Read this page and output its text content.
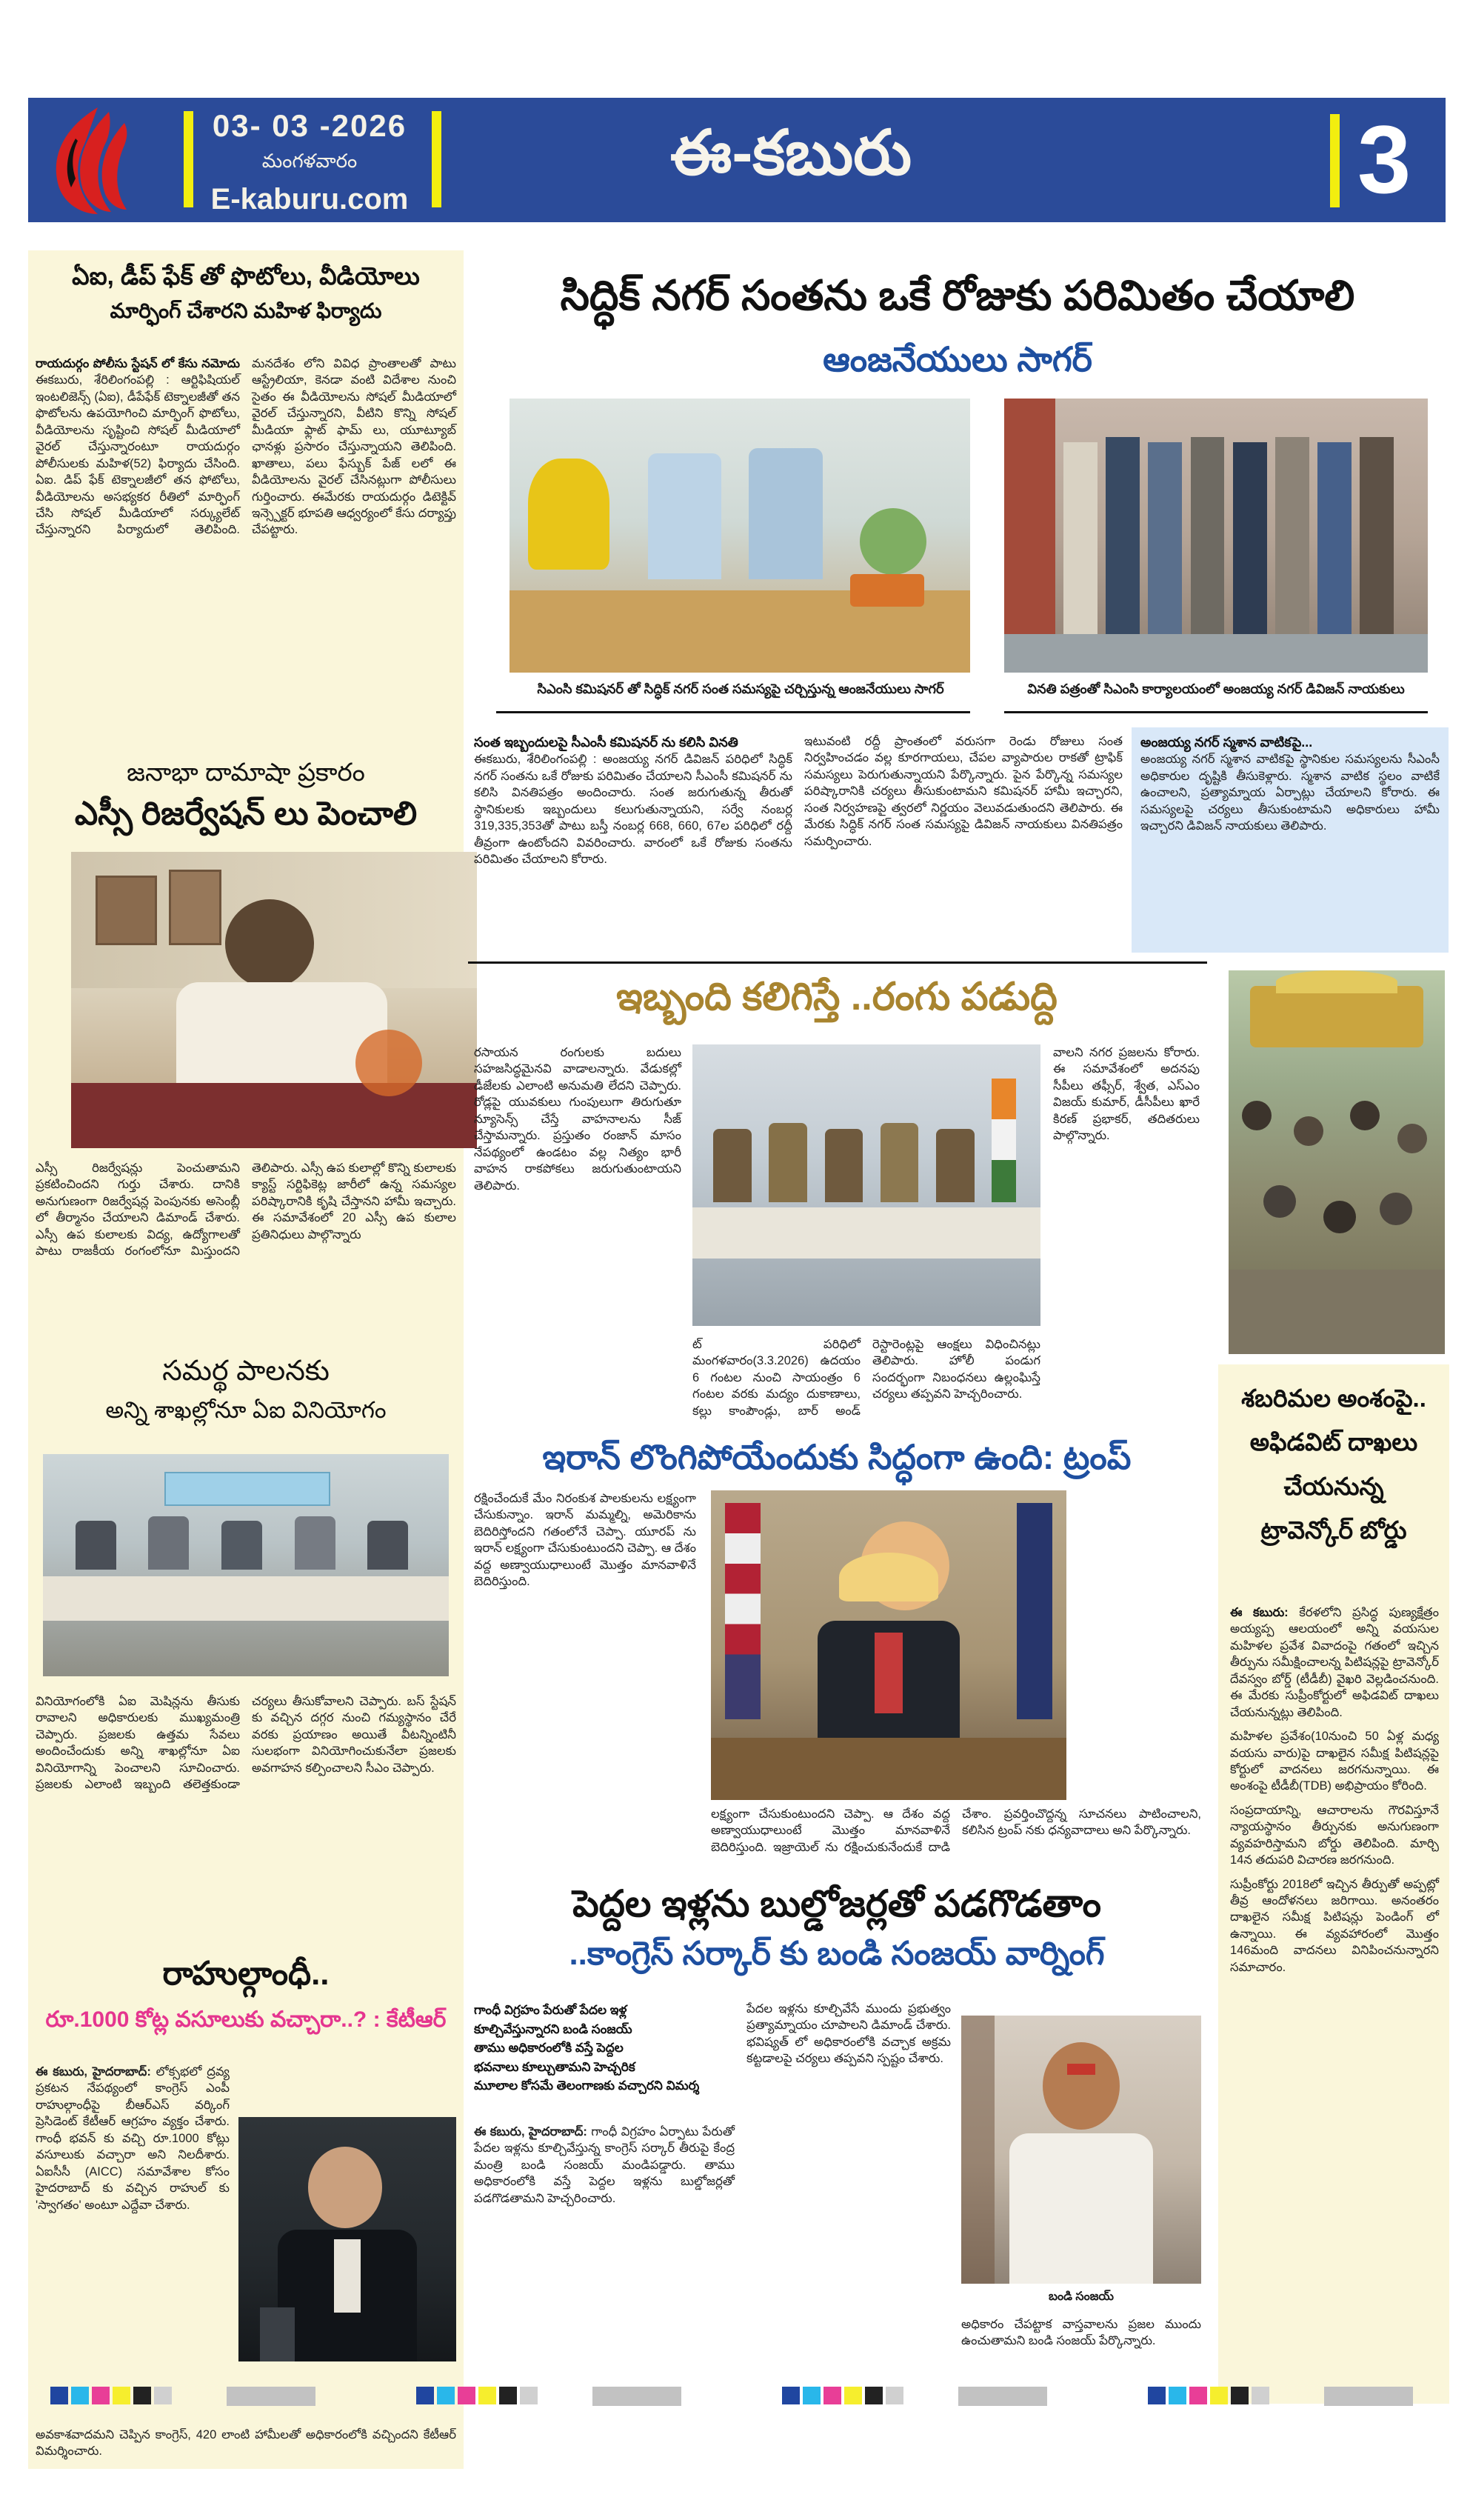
03- 03 -2026
మంగళవారం
E-kaburu.com
ఈ-కబురు	3
ఏఐ, డీప్ ఫేక్ తో ఫొటోలు, వీడియోలు
మార్ఫింగ్ చేశారని మహిళ ఫిర్యాదు
రాయదుర్గం పోలీసు స్టేషన్ లో కేసు నమోదు ఈకబురు, శేరిలింగంపల్లి : ఆర్టిఫిషియల్ ఇంటలిజెన్స్ (ఏఐ), డీపేఫేక్ టెక్నాలజీతో తన ఫొటోలను ఉపయోగించి మార్ఫింగ్ ఫొటోలు, వీడియోలను సృష్టించి సోషల్ మీడియాలో వైరల్ చేస్తున్నారంటూ రాయదుర్గం పోలీసులకు మహిళ(52) ఫిర్యాదు చేసింది. ఏఐ. డిప్ ఫేక్ టెక్నాలజీలో తన ఫోటోలు, వీడియోలను అసభ్యకర రీతిలో మార్ఫింగ్ చేసి సోషల్ మీడియాలో సర్క్యులేట్ చేస్తున్నారని పిర్యాదులో తెలిపింది. మనదేశం లోని వివిధ ప్రాంతాలతో పాటు ఆస్ట్రేలియా, కెనడా వంటి విదేశాల నుంచి సైతం ఈ వీడియోలను సోషల్ మీడియాలో వైరల్ చేస్తున్నారని, వీటిని కొన్ని సోషల్ మీడియా ఫ్లాట్ ఫామ్ లు, యూట్యూబ్ ఛానళ్లు ప్రసారం చేస్తున్నాయని తెలిపింది. ఖాతాలు, పలు ఫేస్బుక్ పేజ్ లలో ఈ వీడియోలను వైరల్ చేసినట్లుగా పోలీసులు గుర్తించారు. ఈమేరకు రాయదుర్గం డిటెక్టివ్ ఇన్స్పెక్టర్ భూపతి ఆధ్వర్యంలో కేసు దర్యాప్తు చేపట్టారు.
జనాభా దామాషా ప్రకారం
ఎస్సీ రిజర్వేషన్ లు పెంచాలి
ఎస్సీ రిజర్వేషన్లు పెంచుతామని ప్రకటించిందని గుర్తు చేశారు. దానికి అనుగుణంగా రిజర్వేషన్ల పెంపునకు అసెంబ్లీ లో తీర్మానం చేయాలని డిమాండ్ చేశారు. ఎస్సీ ఉప కులాలకు విద్య, ఉద్యోగాలతో పాటు రాజకీయ రంగంలోనూ మిస్తుందని తెలిపారు. ఎస్సీ ఉప కులాల్లో కొన్ని కులాలకు క్యాస్ట్ సర్టిఫికెట్ల జారీలో ఉన్న సమస్యల పరిష్కారానికి కృషి చేస్తానని హామీ ఇచ్చారు. ఈ సమావేశంలో 20 ఎస్సీ ఉప కులాల ప్రతినిధులు పాల్గొన్నారు
సమర్థ పాలనకు
అన్ని శాఖల్లోనూ ఏఐ వినియోగం
వినియోగంలోకి ఏఐ మెషిన్లను తీసుకు రావాలని అధికారులకు ముఖ్యమంత్రి చెప్పారు. ప్రజలకు ఉత్తమ సేవలు అందించేందుకు అన్ని శాఖల్లోనూ ఏఐ వినియోగాన్ని పెంచాలని సూచించారు. ప్రజలకు ఎలాంటి ఇబ్బంది తలెత్తకుండా చర్యలు తీసుకోవాలని చెప్పారు. బస్ స్టేషన్ కు వచ్చిన దగ్గర నుంచి గమ్యస్థానం చేరే వరకు ప్రయాణం అయితే వీటన్నింటినీ సులభంగా వినియోగించుకునేలా ప్రజలకు అవగాహన కల్పించాలని సీఎం చెప్పారు.
రాహుల్గాంధీ..
రూ.1000 కోట్ల వసూలుకు వచ్చారా..? : కేటీఆర్
ఈ కబురు, హైదరాబాద్: లోక్సభలో ద్రవ్య ప్రకటన నేపథ్యంలో కాంగ్రెస్ ఎంపీ రాహుల్గాంధీపై బీఆర్ఎస్ వర్కింగ్ ప్రెసిడెంట్ కేటీఆర్ ఆగ్రహం వ్యక్తం చేశారు. గాంధీ భవన్ కు వచ్చి రూ.1000 కోట్లు వసూలుకు వచ్చారా అని నిలదీశారు. ఏఐసీసీ (AICC) సమావేశాల కోసం హైదరాబాద్ కు వచ్చిన రాహుల్ కు 'స్వాగతం' అంటూ ఎద్దేవా చేశారు.
అవకాశవాదమని చెప్పిన కాంగ్రెస్, 420 లాంటి హామీలతో అధికారంలోకి వచ్చిందని కేటీఆర్ విమర్శించారు.
సిద్ధిక్ నగర్ సంతను ఒకే రోజుకు పరిమితం చేయాలి
ఆంజనేయులు సాగర్
సిఎంసి కమిషనర్ తో సిద్ధిక్ నగర్ సంత సమస్యపై చర్చిస్తున్న ఆంజనేయులు సాగర్	వినతి పత్రంతో సిఎంసి కార్యాలయంలో అంజయ్య నగర్ డివిజన్ నాయకులు
సంత ఇబ్బందులపై సీఎంసీ కమిషనర్ ను కలిసి వినతి
ఈకబురు, శేరిలింగంపల్లి : అంజయ్య నగర్ డివిజన్ పరిధిలో సిద్ధిక్ నగర్ సంతను ఒకే రోజుకు పరిమితం చేయాలని సీఎంసీ కమిషనర్ ను కలిసి వినతిపత్రం అందించారు. సంత జరుగుతున్న తీరుతో స్థానికులకు ఇబ్బందులు కలుగుతున్నాయని, సర్వే నంబర్ల 319,335,353తో పాటు బస్తీ నంబర్ల 668, 660, 67ల పరిధిలో రద్దీ తీవ్రంగా ఉంటోందని వివరించారు. వారంలో ఒకే రోజుకు సంతను పరిమితం చేయాలని కోరారు.
ఇటువంటి రద్దీ ప్రాంతంలో వరుసగా రెండు రోజులు సంత నిర్వహించడం వల్ల కూరగాయలు, చేపల వ్యాపారుల రాకతో ట్రాఫిక్ సమస్యలు పెరుగుతున్నాయని పేర్కొన్నారు. పైన పేర్కొన్న సమస్యల పరిష్కారానికి చర్యలు తీసుకుంటామని కమిషనర్ హామీ ఇచ్చారని, సంత నిర్వహణపై త్వరలో నిర్ణయం వెలువడుతుందని తెలిపారు. ఈ మేరకు సిద్ధిక్ నగర్ సంత సమస్యపై డివిజన్ నాయకులు వినతిపత్రం సమర్పించారు.
అంజయ్య నగర్ స్మశాన వాటికపై...
అంజయ్య నగర్ స్మశాన వాటికపై స్థానికుల సమస్యలను సీఎంసీ అధికారుల దృష్టికి తీసుకెళ్లారు. స్మశాన వాటిక స్థలం వాటికే ఉంచాలని, ప్రత్యామ్నాయ ఏర్పాట్లు చేయాలని కోరారు. ఈ సమస్యలపై చర్యలు తీసుకుంటామని అధికారులు హామీ ఇచ్చారని డివిజన్ నాయకులు తెలిపారు.
ఇబ్బంది కలిగిస్తే ..రంగు పడుద్ది
రసాయన రంగులకు బదులు సహజసిద్ధమైనవి వాడాలన్నారు. వేడుకల్లో డీజేలకు ఎలాంటి అనుమతి లేదని చెప్పారు. రోడ్లపై యువకులు గుంపులుగా తిరుగుతూ న్యూసెన్స్ చేస్తే వాహనాలను సీజ్ చేస్తామన్నారు. ప్రస్తుతం రంజాన్ మాసం నేపథ్యంలో ఉండటం వల్ల నిత్యం భారీ వాహన రాకపోకలు జరుగుతుంటాయని తెలిపారు.
ట్ పరిధిలో మంగళవారం(3.3.2026) ఉదయం 6 గంటల నుంచి సాయంత్రం 6 గంటల వరకు మద్యం దుకాణాలు, కల్లు కాంపౌండ్లు, బార్ అండ్ రెస్టారెంట్లపై ఆంక్షలు విధించినట్లు తెలిపారు. హోలీ పండుగ సందర్భంగా నిబంధనలు ఉల్లంఘిస్తే చర్యలు తప్పవని హెచ్చరించారు.
వాలని నగర ప్రజలను కోరారు. ఈ సమావేశంలో అదనపు సీపీలు తఫ్సీర్, శ్వేత, ఎస్ఎం విజయ్ కుమార్, డీసీపీలు ఖారే కిరణ్ ప్రభాకర్, తదితరులు పాల్గొన్నారు.
ఇరాన్ లొంగిపోయేందుకు సిద్ధంగా ఉంది: ట్రంప్
రక్షించేందుకే మేం నిరంకుశ పాలకులను లక్ష్యంగా చేసుకున్నాం. ఇరాన్ మమ్మల్ని, అమెరికాను బెదిరిస్తోందని గతంలోనే చెప్పా. యూరప్ ను ఇరాన్ లక్ష్యంగా చేసుకుంటుందని చెప్పా. ఆ దేశం వద్ద అణ్వాయుధాలుంటే మొత్తం మానవాళినే బెదిరిస్తుంది.
లక్ష్యంగా చేసుకుంటుందని చెప్పా. ఆ దేశం వద్ద అణ్వాయుధాలుంటే మొత్తం మానవాళినే బెదిరిస్తుంది. ఇజ్రాయెల్ ను రక్షించుకునేందుకే దాడి చేశాం. ప్రవర్తించొద్దన్న సూచనలు పాటించాలని, కలిసిన ట్రంప్ నకు ధన్యవాదాలు అని పేర్కొన్నారు.
పెద్దల ఇళ్లను బుల్డోజర్లతో పడగొడతాం
..కాంగ్రెస్ సర్కార్ కు బండి సంజయ్ వార్నింగ్
గాంధీ విగ్రహం పేరుతో పేదల ఇళ్ల
కూల్చివేస్తున్నారని బండి సంజయ్
తాము అధికారంలోకి వస్తే పెద్దల
భవనాలు కూల్చుతామని హెచ్చరిక
మూలాల కోసమే తెలంగాణకు వచ్చారని విమర్శ
ఈ కబురు, హైదరాబాద్: గాంధీ విగ్రహం ఏర్పాటు పేరుతో పేదల ఇళ్లను కూల్చివేస్తున్న కాంగ్రెస్ సర్కార్ తీరుపై కేంద్ర మంత్రి బండి సంజయ్ మండిపడ్డారు. తాము అధికారంలోకి వస్తే పెద్దల ఇళ్లను బుల్డోజర్లతో పడగొడతామని హెచ్చరించారు.
పేదల ఇళ్లను కూల్చివేసే ముందు ప్రభుత్వం ప్రత్యామ్నాయం చూపాలని డిమాండ్ చేశారు. భవిష్యత్ లో అధికారంలోకి వచ్చాక అక్రమ కట్టడాలపై చర్యలు తప్పవని స్పష్టం చేశారు.
బండి సంజయ్
అధికారం చేపట్టాక వాస్తవాలను ప్రజల ముందు ఉంచుతామని బండి సంజయ్ పేర్కొన్నారు.
శబరిమల అంశంపై..
అఫిడవిట్ దాఖలు
చేయనున్న
ట్రావెన్కోర్ బోర్డు
ఈ కబురు: కేరళలోని ప్రసిద్ధ పుణ్యక్షేత్రం అయ్యప్ప ఆలయంలో అన్ని వయసుల మహిళల ప్రవేశ వివాదంపై గతంలో ఇచ్చిన తీర్పును సమీక్షించాలన్న పిటిషన్లపై ట్రావెన్కోర్ దేవస్వం బోర్డ్ (టీడీబీ) వైఖరి వెల్లడించనుంది. ఈ మేరకు సుప్రీంకోర్టులో అఫిడవిట్ దాఖలు చేయనున్నట్లు తెలిపింది.
మహిళల ప్రవేశం(10నుంచి 50 ఏళ్ల మధ్య వయసు వారు)పై దాఖలైన సమీక్ష పిటిషన్లపై కోర్టులో వాదనలు జరగనున్నాయి. ఈ అంశంపై టీడీబీ(TDB) అభిప్రాయం కోరింది.
సంప్రదాయాన్ని, ఆచారాలను గౌరవిస్తూనే న్యాయస్థానం తీర్పునకు అనుగుణంగా వ్యవహరిస్తామని బోర్డు తెలిపింది. మార్చి 14న తదుపరి విచారణ జరగనుంది.
సుప్రీంకోర్టు 2018లో ఇచ్చిన తీర్పుతో అప్పట్లో తీవ్ర ఆందోళనలు జరిగాయి. అనంతరం దాఖలైన సమీక్ష పిటిషన్లు పెండింగ్ లో ఉన్నాయి. ఈ వ్యవహారంలో మొత్తం 146మంది వాదనలు వినిపించనున్నారని సమాచారం.
